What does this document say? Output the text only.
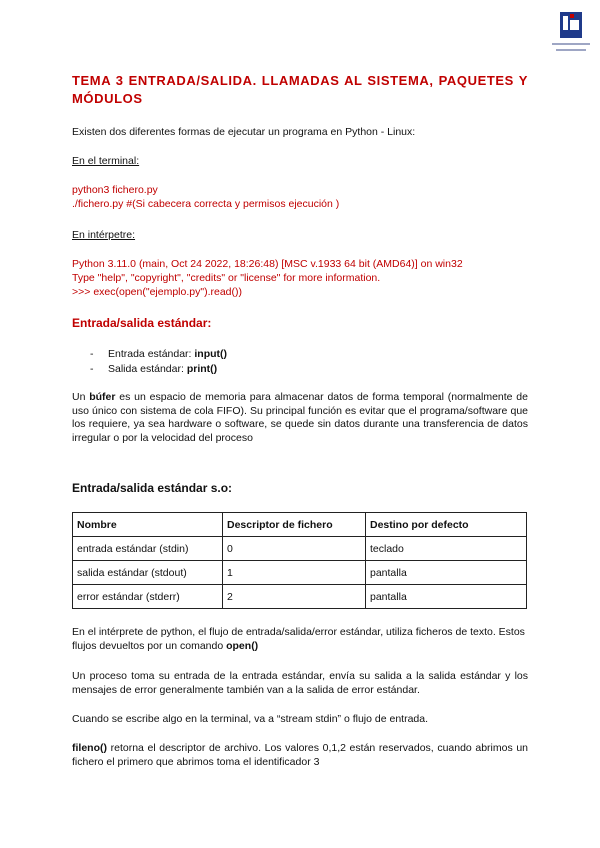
TEMA 3 ENTRADA/SALIDA. LLAMADAS AL SISTEMA, PAQUETES Y MÓDULOS

Existen dos diferentes formas de ejecutar un programa en Python - Linux:

En el terminal:

python3 fichero.py

./fichero.py #(Si cabecera correcta y permisos ejecución )

En intérpetre:

Python 3.11.0 (main, Oct 24 2022, 18:26:48) [MSC v.1933 64 bit (AMD64)] on win32

Type "help", "copyright", "credits" or "license" for more information.

>>> exec(open("ejemplo.py").read())

Entrada/salida estándar:

- Entrada estándar: input()
- Salida estándar: print()

Un búfer es un espacio de memoria para almacenar datos de forma temporal (normalmente de uso único con sistema de cola FIFO). Su principal función es evitar que el programa/software que los requiere, ya sea hardware o software, se quede sin datos durante una transferencia de datos irregular o por la velocidad del proceso

Entrada/salida estándar s.o:

Nombre	Descriptor de fichero	Destino por defecto
entrada estándar (stdin)	0	teclado
salida estándar (stdout)	1	pantalla
error estándar (stderr)	2	pantalla

En el intérprete de python, el flujo de entrada/salida/error estándar, utiliza ficheros de texto. Estos flujos devueltos por un comando open()

Un proceso toma su entrada de la entrada estándar, envía su salida a la salida estándar y los mensajes de error generalmente también van a la salida de error estándar.

Cuando se escribe algo en la terminal, va a “stream stdin” o flujo de entrada.

fileno() retorna el descriptor de archivo. Los valores 0,1,2 están reservados, cuando abrimos un fichero el primero que abrimos toma el identificador 3
